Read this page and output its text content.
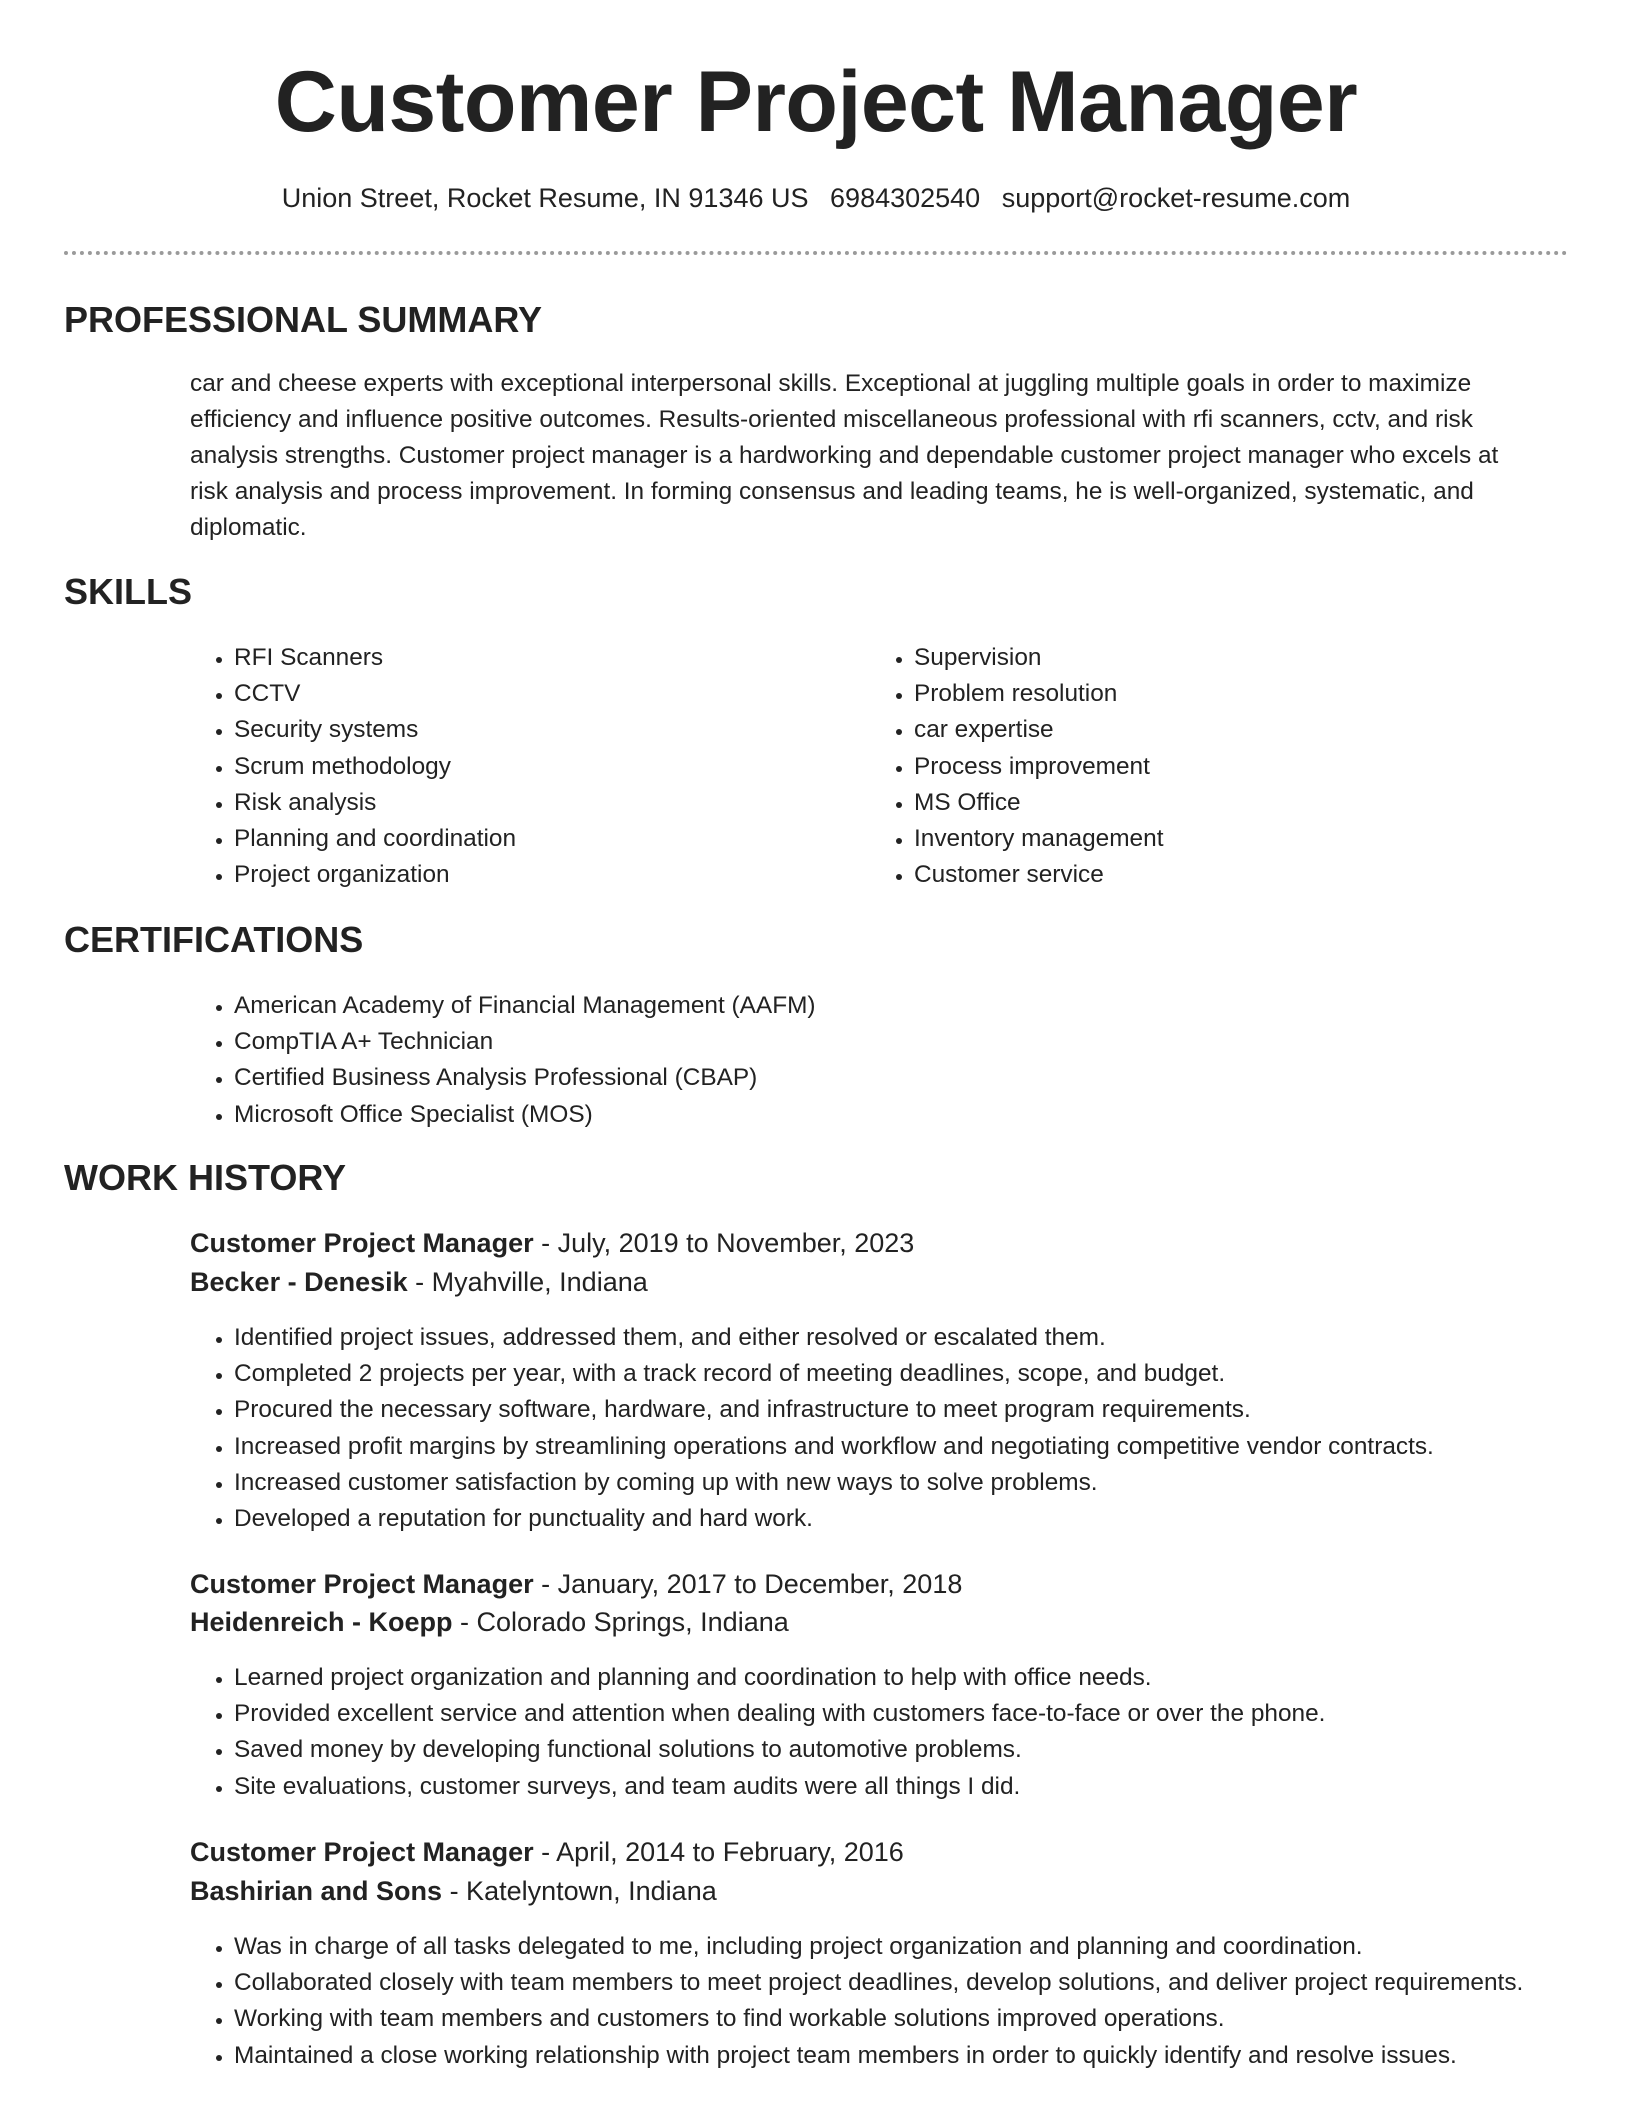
Customer Project Manager
Union Street, Rocket Resume, IN 91346 US 6984302540 support@rocket-resume.com
PROFESSIONAL SUMMARY

car and cheese experts with exceptional interpersonal skills. Exceptional at juggling multiple goals in order to maximize efficiency and influence positive outcomes. Results-oriented miscellaneous professional with rfi scanners, cctv, and risk analysis strengths. Customer project manager is a hardworking and dependable customer project manager who excels at risk analysis and process improvement. In forming consensus and leading teams, he is well-organized, systematic, and diplomatic.

SKILLS
• RFI Scanners
• CCTV
• Security systems
• Scrum methodology
• Risk analysis
• Planning and coordination
• Project organization
• Supervision
• Problem resolution
• car expertise
• Process improvement
• MS Office
• Inventory management
• Customer service
CERTIFICATIONS
• American Academy of Financial Management (AAFM)
• CompTIA A+ Technician
• Certified Business Analysis Professional (CBAP)
• Microsoft Office Specialist (MOS)
WORK HISTORY
Customer Project Manager - July, 2019 to November, 2023
Becker - Denesik - Myahville, Indiana
• Identified project issues, addressed them, and either resolved or escalated them.
• Completed 2 projects per year, with a track record of meeting deadlines, scope, and budget.
• Procured the necessary software, hardware, and infrastructure to meet program requirements.
• Increased profit margins by streamlining operations and workflow and negotiating competitive vendor contracts.
• Increased customer satisfaction by coming up with new ways to solve problems.
• Developed a reputation for punctuality and hard work.
Customer Project Manager - January, 2017 to December, 2018
Heidenreich - Koepp - Colorado Springs, Indiana
• Learned project organization and planning and coordination to help with office needs.
• Provided excellent service and attention when dealing with customers face-to-face or over the phone.
• Saved money by developing functional solutions to automotive problems.
• Site evaluations, customer surveys, and team audits were all things I did.
Customer Project Manager - April, 2014 to February, 2016
Bashirian and Sons - Katelyntown, Indiana
• Was in charge of all tasks delegated to me, including project organization and planning and coordination.
• Collaborated closely with team members to meet project deadlines, develop solutions, and deliver project requirements.
• Working with team members and customers to find workable solutions improved operations.
• Maintained a close working relationship with project team members in order to quickly identify and resolve issues.
